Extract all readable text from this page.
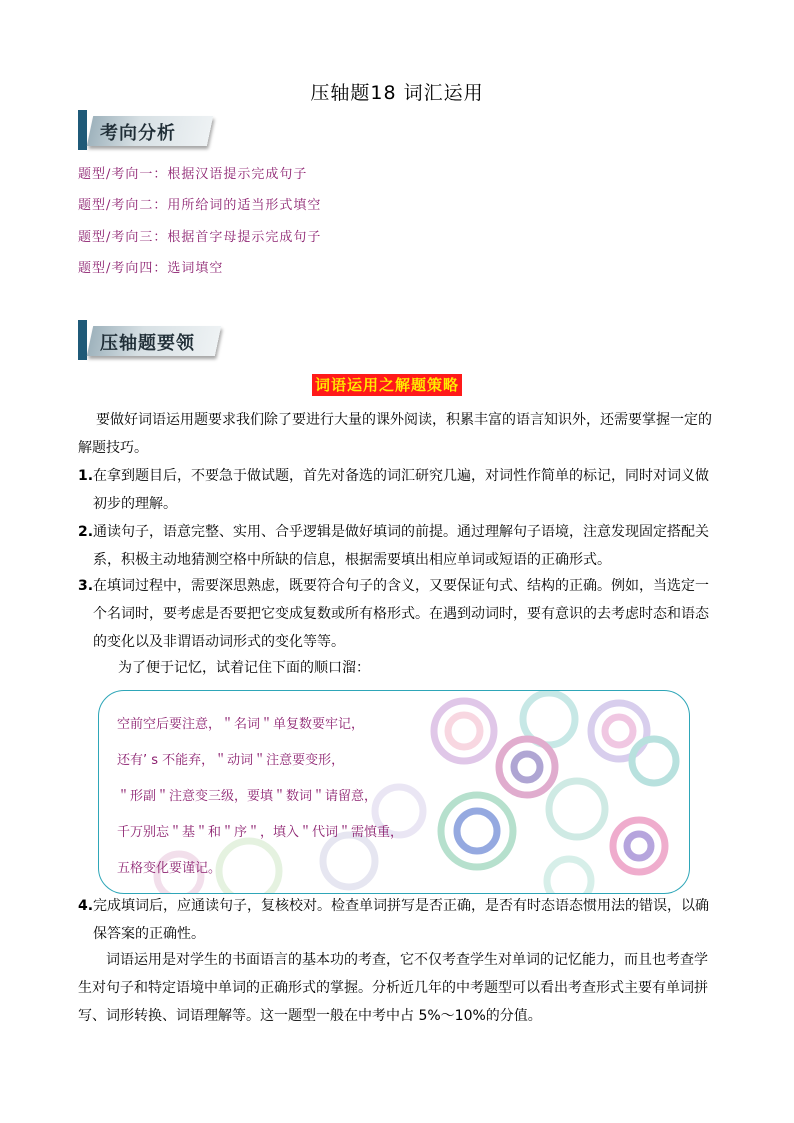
压轴题18 词汇运用
考向分析
题型/考向一：根据汉语提示完成句子
题型/考向二：用所给词的适当形式填空
题型/考向三：根据首字母提示完成句子
题型/考向四：选词填空
压轴题要领
词语运用之解题策略
要做好词语运用题要求我们除了要进行大量的课外阅读，积累丰富的语言知识外，还需要掌握一定的解题技巧。
1. 在拿到题目后，不要急于做试题，首先对备选的词汇研究几遍，对词性作简单的标记，同时对词义做初步的理解。
2. 通读句子，语意完整、实用、合乎逻辑是做好填词的前提。通过理解句子语境，注意发现固定搭配关系，积极主动地猜测空格中所缺的信息，根据需要填出相应单词或短语的正确形式。
3. 在填词过程中，需要深思熟虑，既要符合句子的含义，又要保证句式、结构的正确。例如，当选定一个名词时，要考虑是否要把它变成复数或所有格形式。在遇到动词时，要有意识的去考虑时态和语态的变化以及非谓语动词形式的变化等等。
为了便于记忆，试着记住下面的顺口溜：
空前空后要注意，＂名词＂单复数要牢记，
还有’ s 不能弃，＂动词＂注意要变形，
＂形副＂注意变三级，要填＂数词＂请留意，
千万别忘＂基＂和＂序＂，填入＂代词＂需慎重，
五格变化要谨记。
4. 完成填词后，应通读句子，复核校对。检查单词拼写是否正确，是否有时态语态惯用法的错误，以确保答案的正确性。
词语运用是对学生的书面语言的基本功的考查，它不仅考查学生对单词的记忆能力，而且也考查学生对句子和特定语境中单词的正确形式的掌握。分析近几年的中考题型可以看出考查形式主要有单词拼写、词形转换、词语理解等。这一题型一般在中考中占 5%～10%的分值。
